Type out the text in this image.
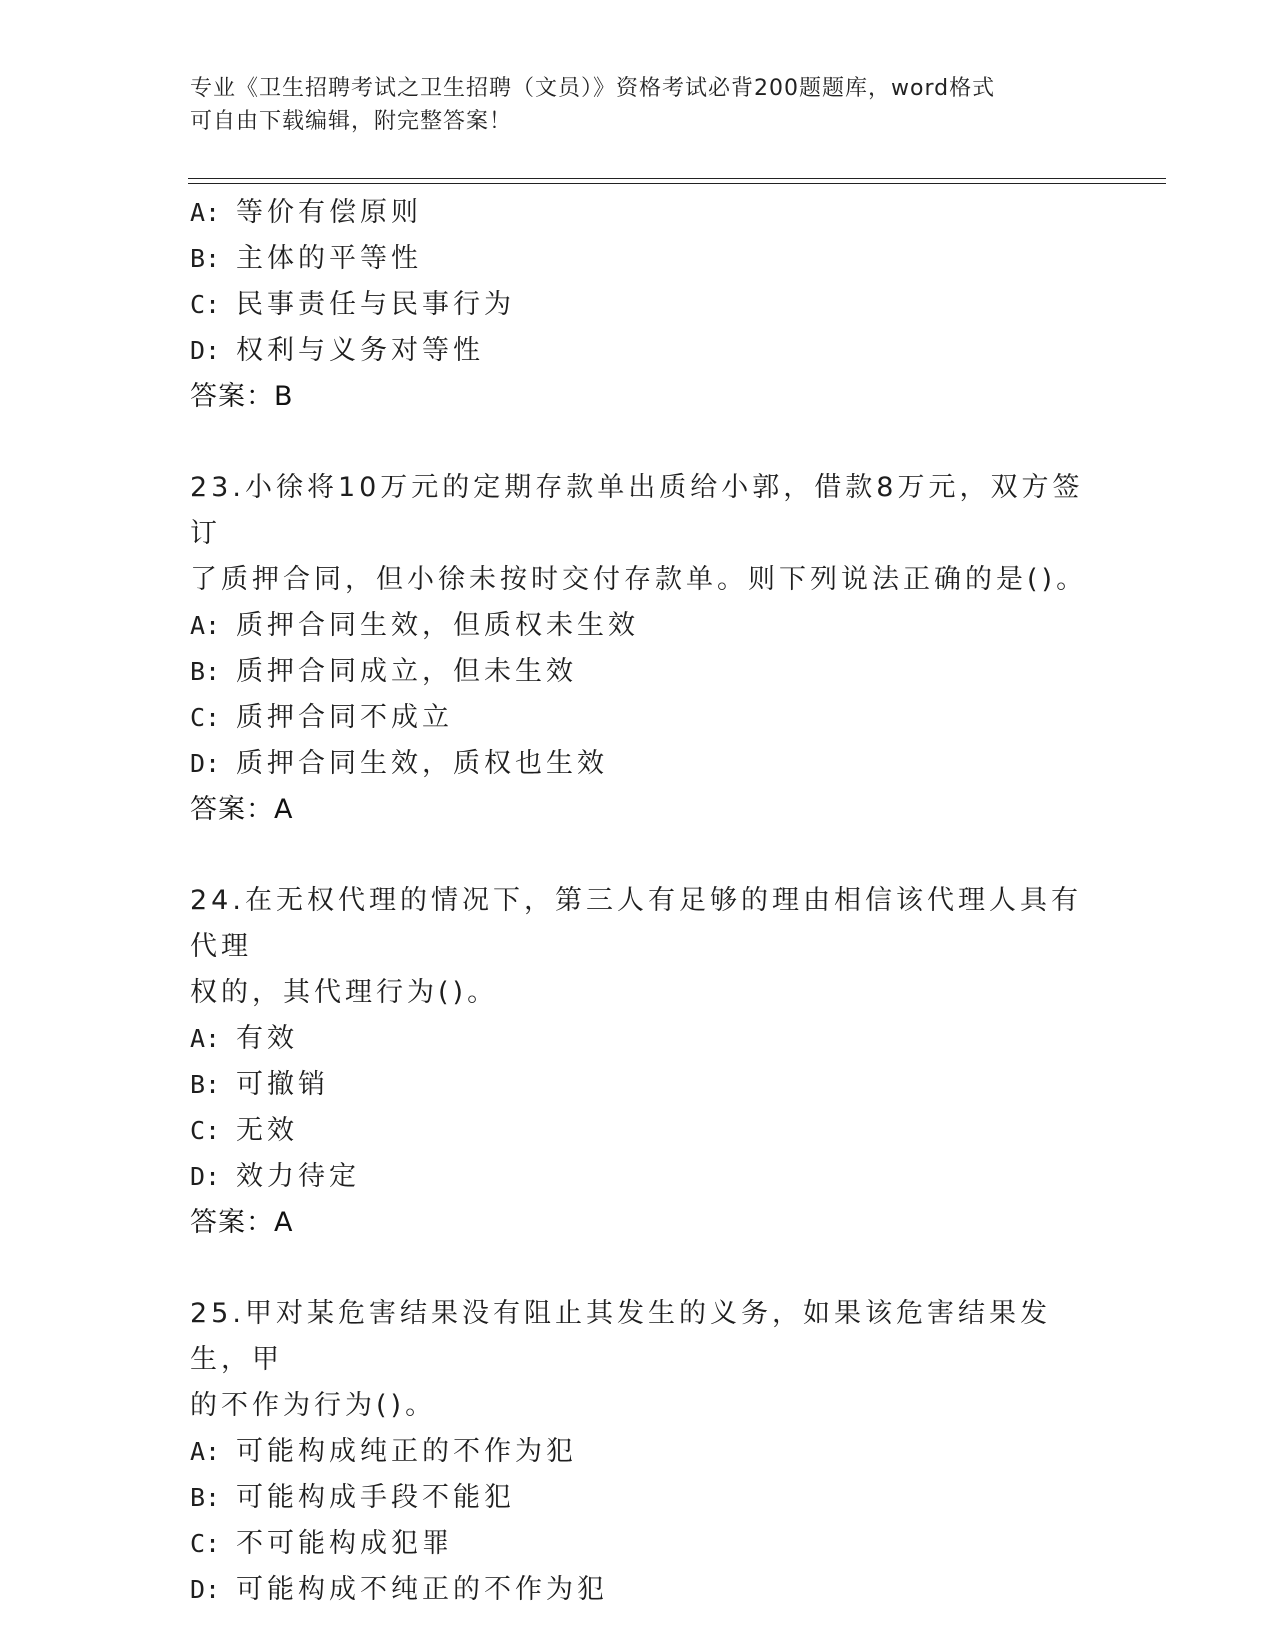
专业《卫生招聘考试之卫生招聘（文员）》资格考试必背200题题库，word格式
可自由下载编辑，附完整答案！
A: 等价有偿原则
B: 主体的平等性
C: 民事责任与民事行为
D: 权利与义务对等性
答案：B
23.小徐将10万元的定期存款单出质给小郭，借款8万元，双方签订
了质押合同，但小徐未按时交付存款单。则下列说法正确的是()。
A: 质押合同生效，但质权未生效
B: 质押合同成立，但未生效
C: 质押合同不成立
D: 质押合同生效，质权也生效
答案：A
24.在无权代理的情况下，第三人有足够的理由相信该代理人具有代理
权的，其代理行为()。
A: 有效
B: 可撤销
C: 无效
D: 效力待定
答案：A
25.甲对某危害结果没有阻止其发生的义务，如果该危害结果发生，甲
的不作为行为()。
A: 可能构成纯正的不作为犯
B: 可能构成手段不能犯
C: 不可能构成犯罪
D: 可能构成不纯正的不作为犯
